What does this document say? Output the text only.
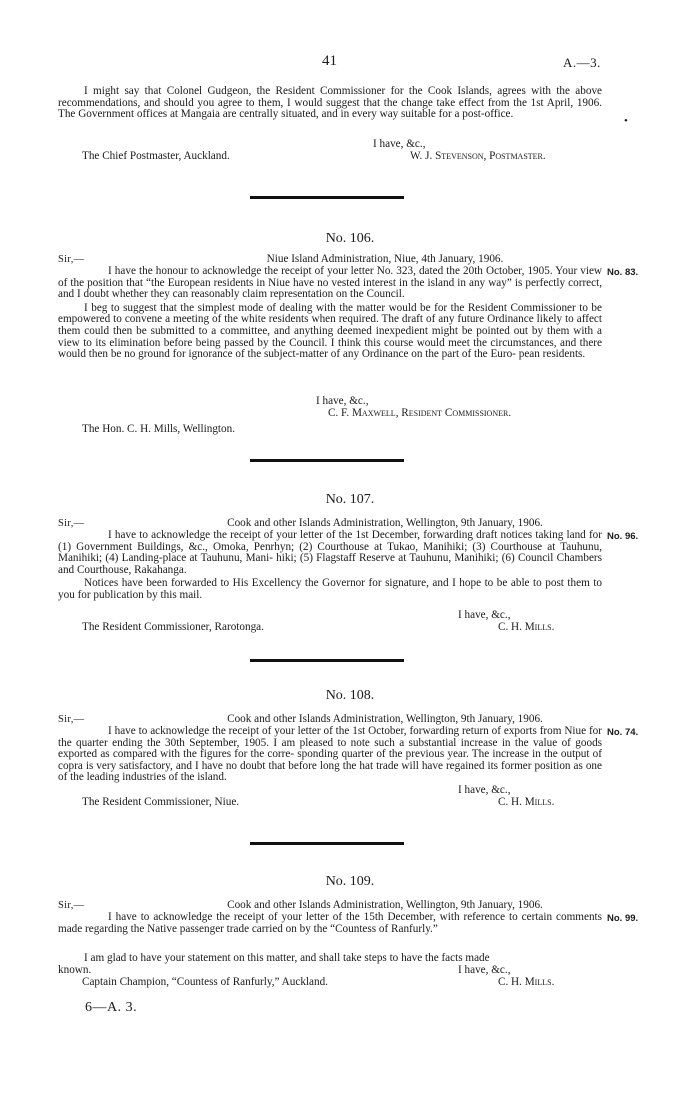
41	A.—3.

I might say that Colonel Gudgeon, the Resident Commissioner for the Cook Islands, agrees with the above recommendations, and should you agree to them, I would suggest that the change take effect from the 1st April, 1906. The Government offices at Mangaia are centrally situated, and in every way suitable for a post-office.

•
I have, &c.,
The Chief Postmaster, Auckland.	W. J. Stevenson, Postmaster.
No. 106.
Sir,—	Niue Island Administration, Niue, 4th January, 1906.
No. 83.

I have the honour to acknowledge the receipt of your letter No. 323, dated the 20th October, 1905. Your view of the position that “the European residents in Niue have no vested interest in the island in any way” is perfectly correct, and I doubt whether they can reasonably claim representation on the Council.

I beg to suggest that the simplest mode of dealing with the matter would be for the Resident Commissioner to be empowered to convene a meeting of the white residents when required. The draft of any future Ordinance likely to affect them could then be submitted to a committee, and anything deemed inexpedient might be pointed out by them with a view to its elimination before being passed by the Council. I think this course would meet the circumstances, and there would then be no ground for ignorance of the subject-matter of any Ordinance on the part of the Euro- pean residents.

I have, &c.,
C. F. Maxwell, Resident Commissioner.
The Hon. C. H. Mills, Wellington.
No. 107.
Sir,—	Cook and other Islands Administration, Wellington, 9th January, 1906.
No. 96.

I have to acknowledge the receipt of your letter of the 1st December, forwarding draft notices taking land for (1) Government Buildings, &c., Omoka, Penrhyn; (2) Courthouse at Tukao, Manihiki; (3) Courthouse at Tauhunu, Manihiki; (4) Landing-place at Tauhunu, Mani- hiki; (5) Flagstaff Reserve at Tauhunu, Manihiki; (6) Council Chambers and Courthouse, Rakahanga.

Notices have been forwarded to His Excellency the Governor for signature, and I hope to be able to post them to you for publication by this mail.

I have, &c.,
The Resident Commissioner, Rarotonga.	C. H. Mills.
No. 108.
Sir,—	Cook and other Islands Administration, Wellington, 9th January, 1906.
No. 74.

I have to acknowledge the receipt of your letter of the 1st October, forwarding return of exports from Niue for the quarter ending the 30th September, 1905. I am pleased to note such a substantial increase in the value of goods exported as compared with the figures for the corre- sponding quarter of the previous year. The increase in the output of copra is very satisfactory, and I have no doubt that before long the hat trade will have regained its former position as one of the leading industries of the island.

I have, &c.,
The Resident Commissioner, Niue.	C. H. Mills.
No. 109.
Sir,—	Cook and other Islands Administration, Wellington, 9th January, 1906.
No. 99.

I have to acknowledge the receipt of your letter of the 15th December, with reference to certain comments made regarding the Native passenger trade carried on by the “Countess of Ranfurly.”

I am glad to have your statement on this matter, and shall take steps to have the facts made

known.	I have, &c.,
Captain Champion, “Countess of Ranfurly,” Auckland.	C. H. Mills.
6—A. 3.
